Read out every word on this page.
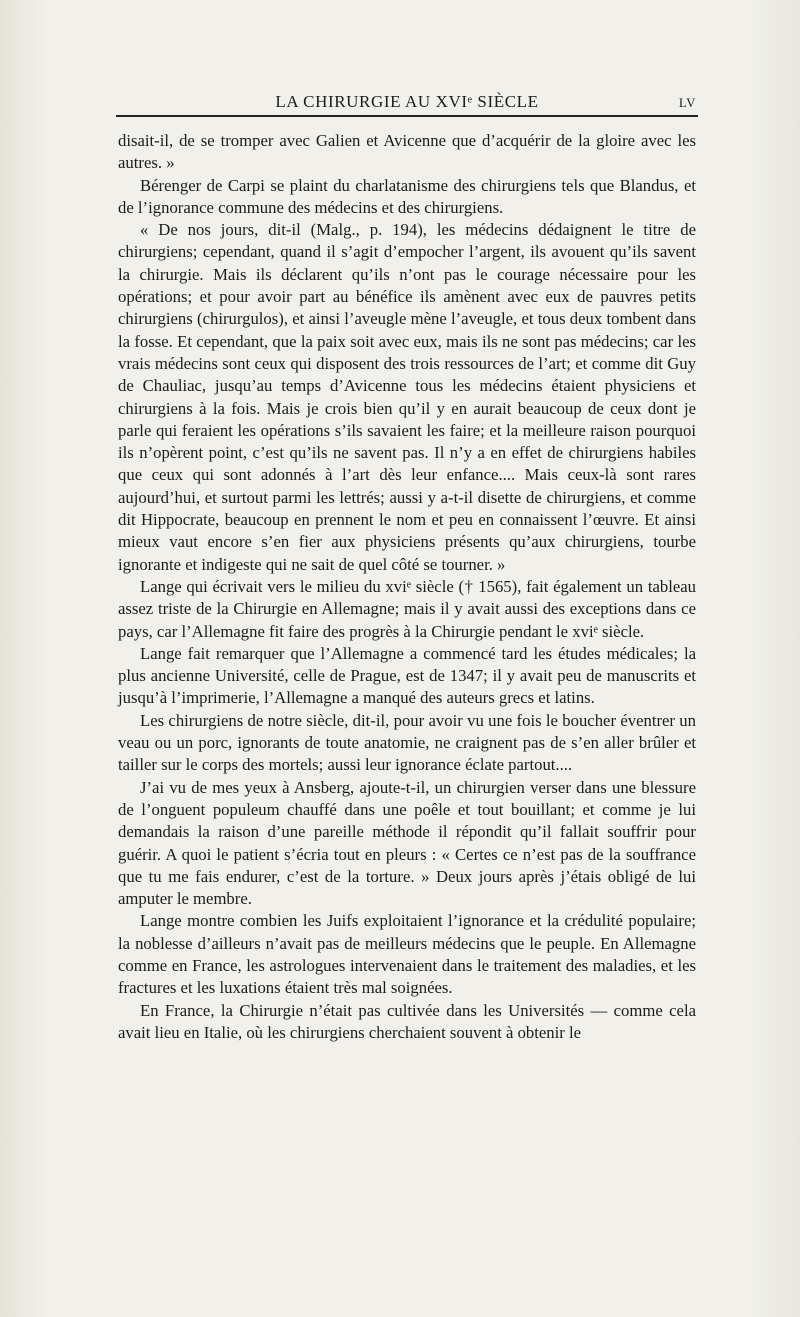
LA CHIRURGIE AU XVIᵉ SIÈCLE	LV

disait-il, de se tromper avec Galien et Avicenne que d’acquérir de la gloire avec les autres. »

Bérenger de Carpi se plaint du charlatanisme des chirurgiens tels que Blandus, et de l’ignorance commune des médecins et des chirurgiens.

« De nos jours, dit-il (Malg., p. 194), les médecins dédaignent le titre de chirurgiens; cependant, quand il s’agit d’empocher l’argent, ils avouent qu’ils savent la chirurgie. Mais ils déclarent qu’ils n’ont pas le courage nécessaire pour les opérations; et pour avoir part au bénéfice ils amènent avec eux de pauvres petits chirurgiens (chirurgulos), et ainsi l’aveugle mène l’aveugle, et tous deux tombent dans la fosse. Et cependant, que la paix soit avec eux, mais ils ne sont pas médecins; car les vrais médecins sont ceux qui disposent des trois ressources de l’art; et comme dit Guy de Chauliac, jusqu’au temps d’Avicenne tous les médecins étaient physiciens et chirurgiens à la fois. Mais je crois bien qu’il y en aurait beaucoup de ceux dont je parle qui feraient les opérations s’ils savaient les faire; et la meilleure raison pourquoi ils n’opèrent point, c’est qu’ils ne savent pas. Il n’y a en effet de chirurgiens habiles que ceux qui sont adonnés à l’art dès leur enfance.... Mais ceux-là sont rares aujourd’hui, et surtout parmi les lettrés; aussi y a-t-il disette de chirurgiens, et comme dit Hippocrate, beaucoup en prennent le nom et peu en connaissent l’œuvre. Et ainsi mieux vaut encore s’en fier aux physiciens présents qu’aux chirurgiens, tourbe ignorante et indigeste qui ne sait de quel côté se tourner. »

Lange qui écrivait vers le milieu du xviᵉ siècle († 1565), fait également un tableau assez triste de la Chirurgie en Allemagne; mais il y avait aussi des exceptions dans ce pays, car l’Allemagne fit faire des progrès à la Chirurgie pendant le xviᵉ siècle.

Lange fait remarquer que l’Allemagne a commencé tard les études médicales; la plus ancienne Université, celle de Prague, est de 1347; il y avait peu de manuscrits et jusqu’à l’imprimerie, l’Allemagne a manqué des auteurs grecs et latins.

Les chirurgiens de notre siècle, dit-il, pour avoir vu une fois le boucher éventrer un veau ou un porc, ignorants de toute anatomie, ne craignent pas de s’en aller brûler et tailler sur le corps des mortels; aussi leur ignorance éclate partout....

J’ai vu de mes yeux à Ansberg, ajoute-t-il, un chirurgien verser dans une blessure de l’onguent populeum chauffé dans une poêle et tout bouillant; et comme je lui demandais la raison d’une pareille méthode il répondit qu’il fallait souffrir pour guérir. A quoi le patient s’écria tout en pleurs : « Certes ce n’est pas de la souffrance que tu me fais endurer, c’est de la torture. » Deux jours après j’étais obligé de lui amputer le membre.

Lange montre combien les Juifs exploitaient l’ignorance et la crédulité populaire; la noblesse d’ailleurs n’avait pas de meilleurs médecins que le peuple. En Allemagne comme en France, les astrologues intervenaient dans le traitement des maladies, et les fractures et les luxations étaient très mal soignées.

En France, la Chirurgie n’était pas cultivée dans les Universités — comme cela avait lieu en Italie, où les chirurgiens cherchaient souvent à obtenir le
